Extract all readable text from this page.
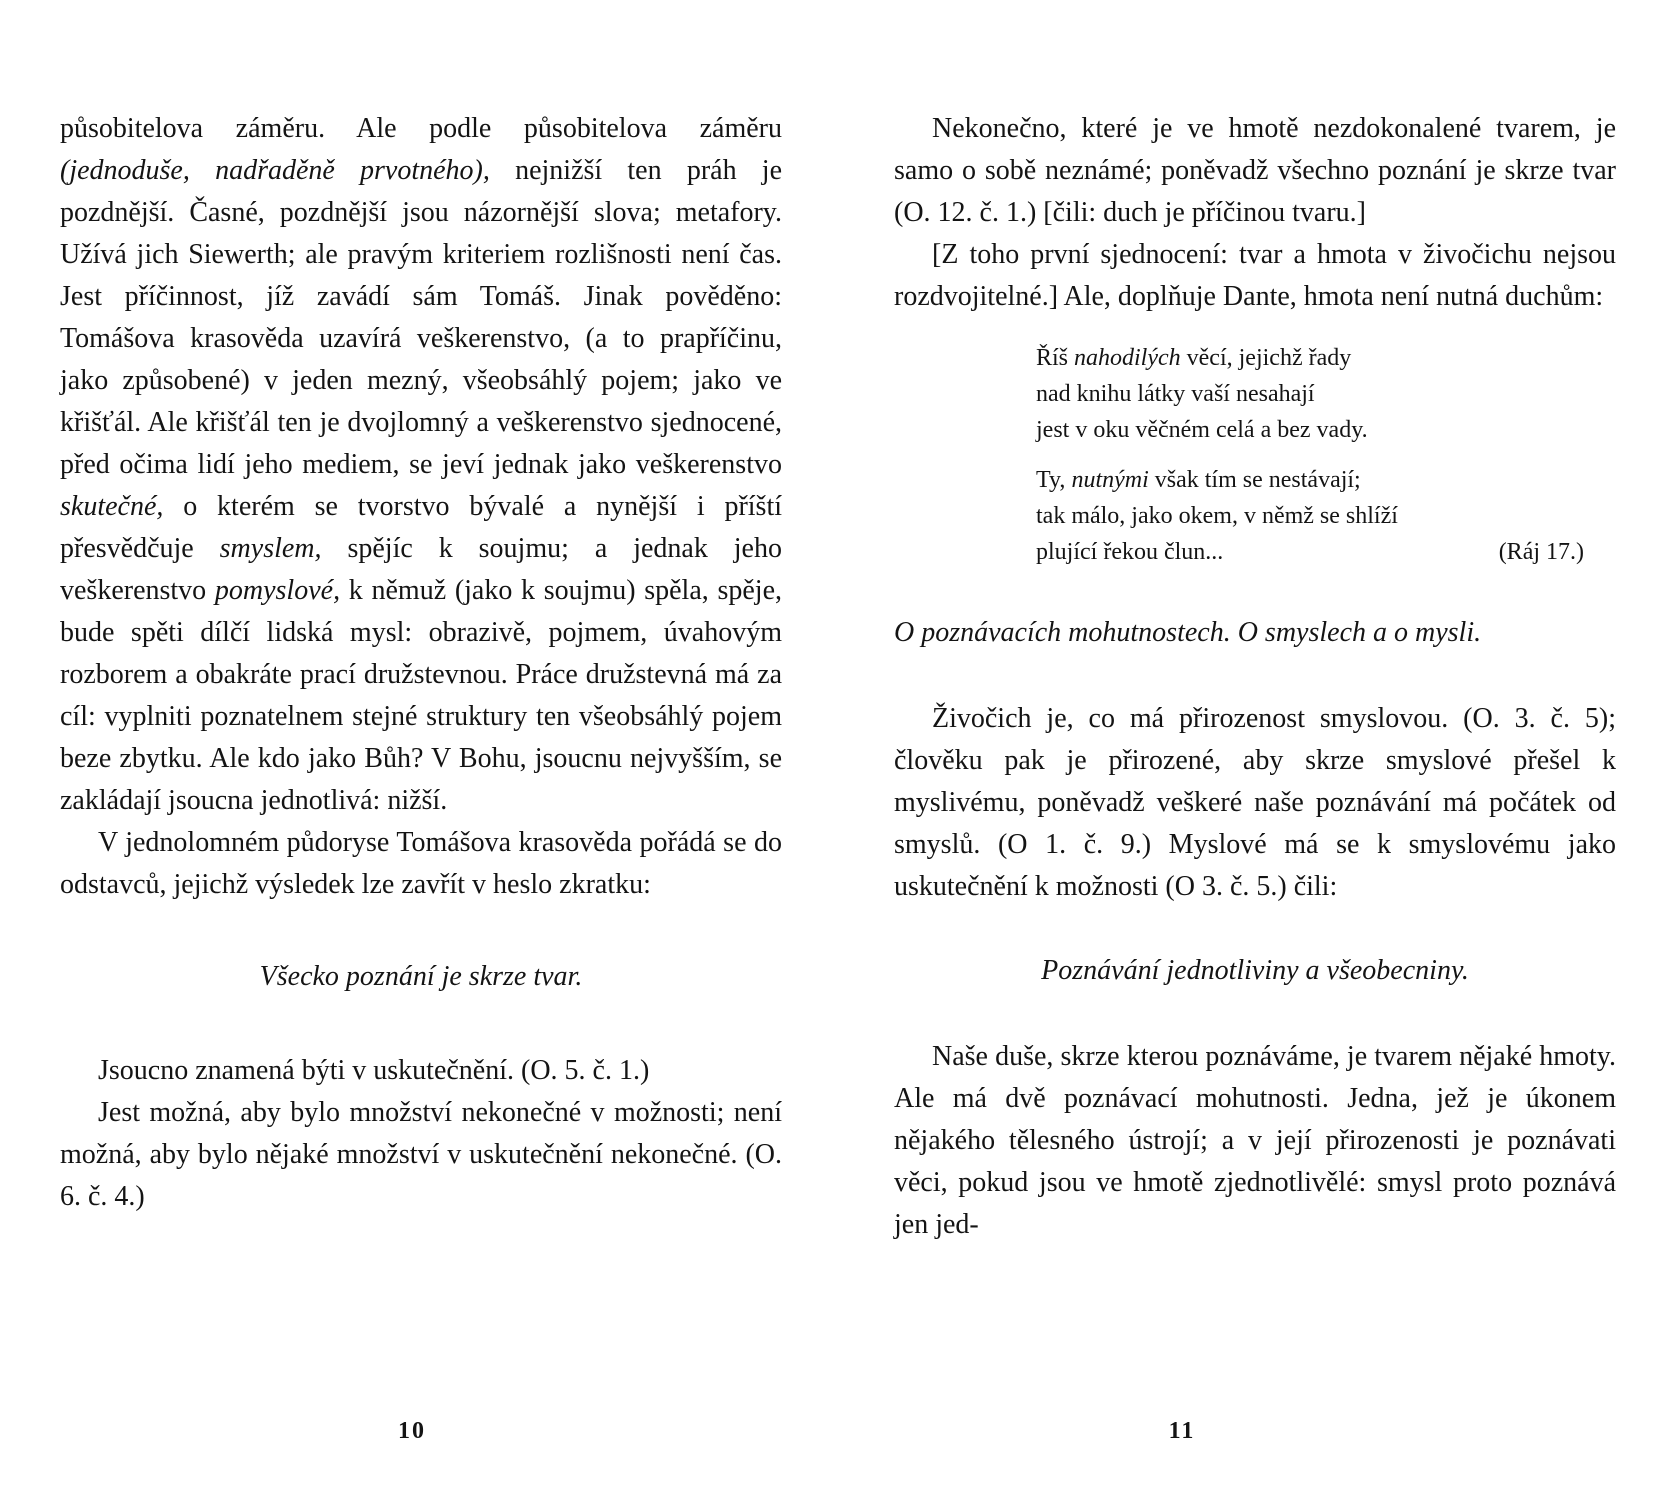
působitelova záměru. Ale podle působitelova záměru (jednoduše, nadřaděně prvotného), nejnižší ten práh je pozdnější. Časné, pozdnější jsou názornější slova; metafory. Užívá jich Siewerth; ale pravým kriteriem rozlišnosti není čas. Jest příčinnost, jíž zavádí sám Tomáš. Jinak pověděno: Tomášova krasověda uzavírá veškerenstvo, (a to prapříčinu, jako způsobené) v jeden mezný, všeobsáhlý pojem; jako ve křišťál. Ale křišťál ten je dvojlomný a veškerenstvo sjednocené, před očima lidí jeho mediem, se jeví jednak jako veškerenstvo skutečné, o kterém se tvorstvo bývalé a nynější i příští přesvědčuje smyslem, spějíc k soujmu; a jednak jeho veškerenstvo pomyslové, k němuž (jako k soujmu) spěla, spěje, bude spěti dílčí lidská mysl: obrazivě, pojmem, úvahovým rozborem a obakráte prací družstevnou. Práce družstevná má za cíl: vyplniti poznatelnem stejné struktury ten všeobsáhlý pojem beze zbytku. Ale kdo jako Bůh? V Bohu, jsoucnu nejvyšším, se zakládají jsoucna jednotlivá: nižší.

V jednolomném půdoryse Tomášova krasověda pořádá se do odstavců, jejichž výsledek lze zavřít v heslo zkratku:

Všecko poznání je skrze tvar.

Jsoucno znamená býti v uskutečnění. (O. 5. č. 1.)

Jest možná, aby bylo množství nekonečné v možnosti; není možná, aby bylo nějaké množství v uskutečnění nekonečné. (O. 6. č. 4.)

10

Nekonečno, které je ve hmotě nezdokonalené tvarem, je samo o sobě neznámé; poněvadž všechno poznání je skrze tvar (O. 12. č. 1.) [čili: duch je příčinou tvaru.]

[Z toho první sjednocení: tvar a hmota v živočichu nejsou rozdvojitelné.] Ale, doplňuje Dante, hmota není nutná duchům:

Říš nahodilých věcí, jejichž řady
nad knihu látky vaší nesahají
jest v oku věčném celá a bez vady.
Ty, nutnými však tím se nestávají;
tak málo, jako okem, v němž se shlíží
plující řekou člun...	(Ráj 17.)

O poznávacích mohutnostech. O smyslech a o mysli.

Živočich je, co má přirozenost smyslovou. (O. 3. č. 5); člověku pak je přirozené, aby skrze smyslové přešel k myslivému, poněvadž veškeré naše poznávání má počátek od smyslů. (O 1. č. 9.) Myslové má se k smyslovému jako uskutečnění k možnosti (O 3. č. 5.) čili:

Poznávání jednotliviny a všeobecniny.

Naše duše, skrze kterou poznáváme, je tvarem nějaké hmoty. Ale má dvě poznávací mohutnosti. Jedna, jež je úkonem nějakého tělesného ústrojí; a v její přirozenosti je poznávati věci, pokud jsou ve hmotě zjednotlivělé: smysl proto poznává jen jed-

11
